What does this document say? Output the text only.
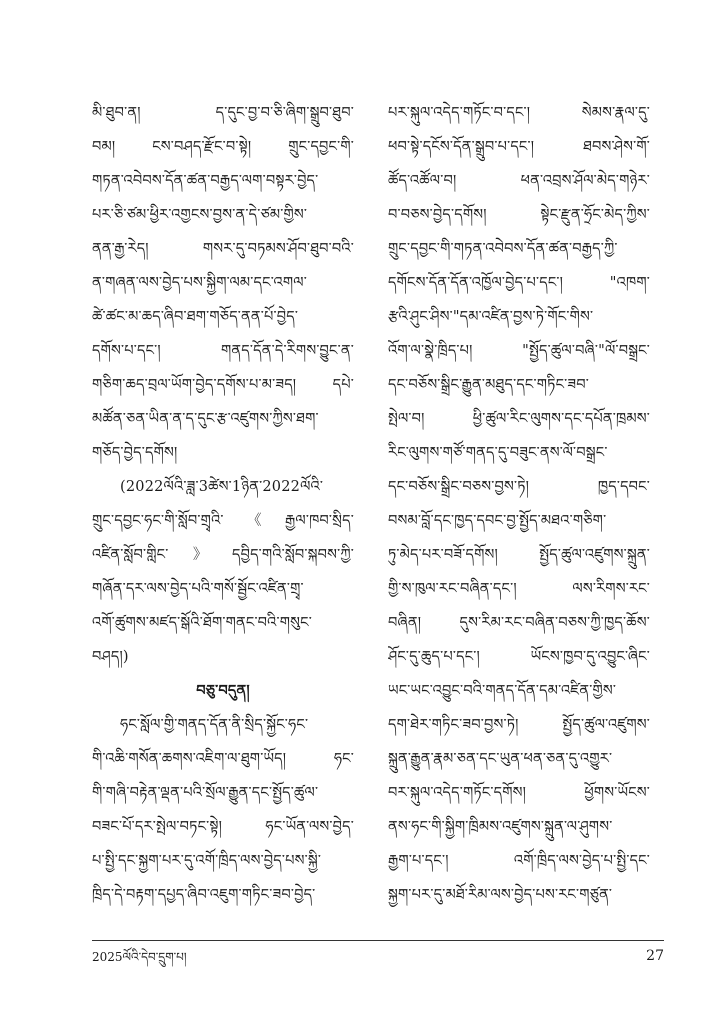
མི་ཐུབ་ན། ད་དུང་བྱ་བ་ཅི་ཞིག་སྒྲུབ་ཐུབ་
བམ། ངས་བཤད་རྫོང་བ་སྟེ། གྲུང་དབྱང་གི་
གཏན་འབེབས་དོན་ཚན་བརྒྱད་ལག་བསྟར་བྱེད་
པར་ཅི་ཙམ་ཕྱིར་འགྱངས་བྱས་ན་དེ་ཙམ་གྱིས་
ནན་རྒྱ་རེད། གསར་དུ་བཏམས་ཤོབ་ཐུབ་བའི་
ན་གཞན་ལས་བྱེད་པས་སྐྱིག་ལམ་དང་འགལ་
ཚེ་ཚང་མ་ཆད་ཞིབ་ཐག་གཅོད་ནན་པོ་བྱེད་
དགོས་པ་དང་། གནད་དོན་དེ་རིགས་བྱུང་ན་
གཅིག་ཆད་བྲལ་ཡོག་བྱེད་དགོས་པ་མ་ཟད། དཔེ་
མཚོན་ཅན་ཡིན་ན་ད་དུང་རྩ་འཛུགས་ཀྱིས་ཐག་
གཅོད་བྱེད་དགོས།
(2022ལོའི་ཟླ་3ཚེས་1ཉིན་2022ལོའི་
གྲུང་དབྱང་ཧང་གི་སློབ་གྲྭའི་《རྒྱལ་ཁབ་སྲིད་
འཛིན་སློབ་གླིང་》དབྱིད་གའི་སློབ་སྐབས་ཀྱི་
གཞོན་དར་ལས་བྱེད་པའི་གསོ་སྦྱོང་འཛིན་གྲྭ་
འགོ་ཚུགས་མཛད་སྒོའི་ཐོག་གནང་བའི་གསུང་
བཤད།)
བཅུ་བདུན།
ཧང་སློལ་གྱི་གནད་དོན་ནི་སྲིད་སྐྱོང་ཧང་
གི་འཆི་གསོན་ཆགས་འཇིག་ལ་ཐུག་ཡོད། ཧང་
གི་གཞི་བརྟེན་ལྡན་པའི་སྲོལ་རྒྱུན་དང་སྤྱོད་ཚུལ་
བཟང་པོ་དར་སྤེལ་བཏང་སྟེ། ཧང་ཡོན་ལས་བྱེད་
པ་སྤྱི་དང་སྐྱག་པར་དུ་འགོ་ཁྲིད་ལས་བྱེད་པས་སྐྱི་
ཁྲིད་དེ་བརྟག་དཔྱད་ཞིབ་འཇུག་གཏིང་ཟབ་བྱེད་
པར་སྐུལ་འདེད་གཏོང་བ་དང་། སེམས་རྣལ་དུ་
ཕབ་སྟེ་དངོས་དོན་སྒྲུབ་པ་དང་། ཐབས་ཤེས་གོ་
ཚོད་འཚོལ་བ། ཕན་འབྲས་ཤོལ་མེད་གཉེར་
བ་བཅས་བྱེད་དགོས། སྟེང་རྫུན་ཧྲོང་མེད་ཀྱིས་
གྲུང་དབྱང་གི་གཏན་འབེབས་དོན་ཚན་བརྒྱད་ཀྱི་
དགོངས་དོན་དོན་འཁྱོལ་བྱེད་པ་དང་། "འཁག་
རྩའི་ཤུང་ཤིས་"དམ་འཛིན་བྱས་ཏེ་གོང་གིས་
འོག་ལ་སྣེ་ཁྲིད་པ། "སྤྱོད་ཚུལ་བཞི་"ལོ་བསྒྲང་
དང་བཅོས་སྒྲིང་རྒྱུན་མཐུད་དང་གཏིང་ཟབ་
སྤེལ་བ། ཕྱི་ཚུལ་རིང་ལུགས་དང་དཔོན་ཁྲམས་
རིང་ལུགས་གཙོ་གནད་དུ་བཟུང་ནས་ལོ་བསྒྲང་
དང་བཅོས་སྒྲིང་བཅས་བྱས་ཏེ། ཁྱད་དབང་
བསམ་བློ་དང་ཁྱད་དབང་བྱ་སྤྱོད་མཐའ་གཅིག་
ཏུ་མེད་པར་བཟོ་དགོས། སྤྱོད་ཚུལ་འཛུགས་སྐྲུན་
གྱི་ས་ཁུལ་རང་བཞིན་དང་། ལས་རིགས་རང་
བཞིན། དུས་རིམ་རང་བཞིན་བཅས་ཀྱི་ཁྱད་ཆོས་
ཤོང་དུ་ཆུད་པ་དང་། ཡོངས་ཁྱབ་དུ་འབྱུང་ཞིང་
ཡང་ཡང་འབྱུང་བའི་གནད་དོན་དམ་འཛིན་གྱིས་
དག་ཐེར་གཏིང་ཟབ་བྱས་ཏེ། སྤྱོད་ཚུལ་འཛུགས་
སྐྲུན་རྒྱུན་རྣམ་ཅན་དང་ཡུན་ཕན་ཅན་དུ་འགྱུར་
བར་སྐུལ་འདེད་གཏོང་དགོས། ཕྱོགས་ཡོངས་
ནས་ཧང་གི་སྐྱིག་ཁྲིམས་འཛུགས་སྐྲུན་ལ་ཤུགས་
རྒྱག་པ་དང་། འགོ་ཁྲིད་ལས་བྱེད་པ་སྤྱི་དང་
སྐྱག་པར་དུ་མཐོ་རིམ་ལས་བྱེད་པས་རང་གཙུན་
2025ལོའི་དེབ་དྲུག་པ།	27
